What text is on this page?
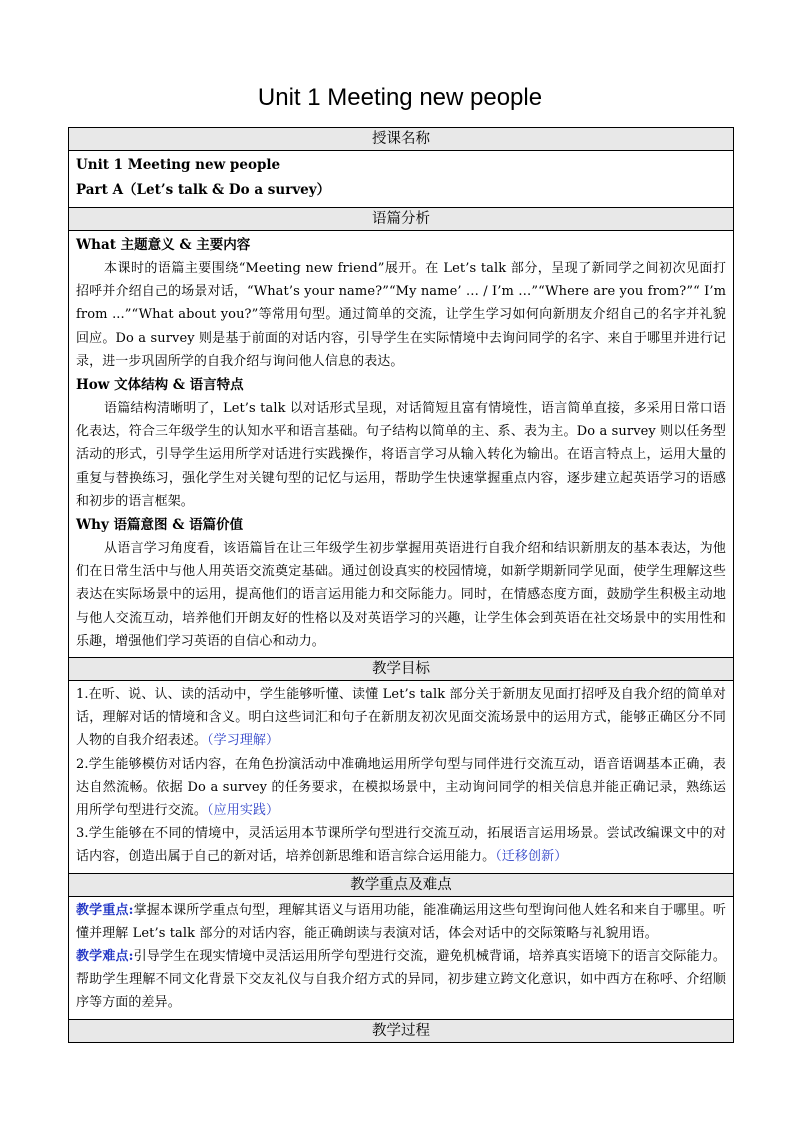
Unit 1 Meeting new people
授课名称
Unit 1 Meeting new people
Part A（Let’s talk & Do a survey）
语篇分析
What 主题意义 & 主要内容

本课时的语篇主要围绕“Meeting new friend”展开。在 Let’s talk 部分，呈现了新同学之间初次见面打招呼并介绍自己的场景对话，“What’s your name?”“My name’ … / I’m …”“Where are you from?”“ I’m from ...”“What about you?”等常用句型。通过简单的交流，让学生学习如何向新朋友介绍自己的名字并礼貌回应。Do a survey 则是基于前面的对话内容，引导学生在实际情境中去询问同学的名字、来自于哪里并进行记录，进一步巩固所学的自我介绍与询问他人信息的表达。

How 文体结构 & 语言特点

语篇结构清晰明了，Let’s talk 以对话形式呈现，对话简短且富有情境性，语言简单直接，多采用日常口语化表达，符合三年级学生的认知水平和语言基础。句子结构以简单的主、系、表为主。Do a survey 则以任务型活动的形式，引导学生运用所学对话进行实践操作，将语言学习从输入转化为输出。在语言特点上，运用大量的重复与替换练习，强化学生对关键句型的记忆与运用，帮助学生快速掌握重点内容，逐步建立起英语学习的语感和初步的语言框架。

Why 语篇意图 & 语篇价值

从语言学习角度看，该语篇旨在让三年级学生初步掌握用英语进行自我介绍和结识新朋友的基本表达，为他们在日常生活中与他人用英语交流奠定基础。通过创设真实的校园情境，如新学期新同学见面，使学生理解这些表达在实际场景中的运用，提高他们的语言运用能力和交际能力。同时，在情感态度方面，鼓励学生积极主动地与他人交流互动，培养他们开朗友好的性格以及对英语学习的兴趣，让学生体会到英语在社交场景中的实用性和乐趣，增强他们学习英语的自信心和动力。

教学目标

1.在听、说、认、读的活动中，学生能够听懂、读懂 Let’s talk 部分关于新朋友见面打招呼及自我介绍的简单对话，理解对话的情境和含义。明白这些词汇和句子在新朋友初次见面交流场景中的运用方式，能够正确区分不同人物的自我介绍表述。（学习理解）

2.学生能够模仿对话内容，在角色扮演活动中准确地运用所学句型与同伴进行交流互动，语音语调基本正确，表达自然流畅。依据 Do a survey 的任务要求，在模拟场景中，主动询问同学的相关信息并能正确记录，熟练运用所学句型进行交流。（应用实践）

3.学生能够在不同的情境中，灵活运用本节课所学句型进行交流互动，拓展语言运用场景。尝试改编课文中的对话内容，创造出属于自己的新对话，培养创新思维和语言综合运用能力。（迁移创新）

教学重点及难点

教学重点:掌握本课所学重点句型，理解其语义与语用功能，能准确运用这些句型询问他人姓名和来自于哪里。听懂并理解 Let’s talk 部分的对话内容，能正确朗读与表演对话，体会对话中的交际策略与礼貌用语。

教学难点:引导学生在现实情境中灵活运用所学句型进行交流，避免机械背诵，培养真实语境下的语言交际能力。帮助学生理解不同文化背景下交友礼仪与自我介绍方式的异同，初步建立跨文化意识，如中西方在称呼、介绍顺序等方面的差异。

教学过程
